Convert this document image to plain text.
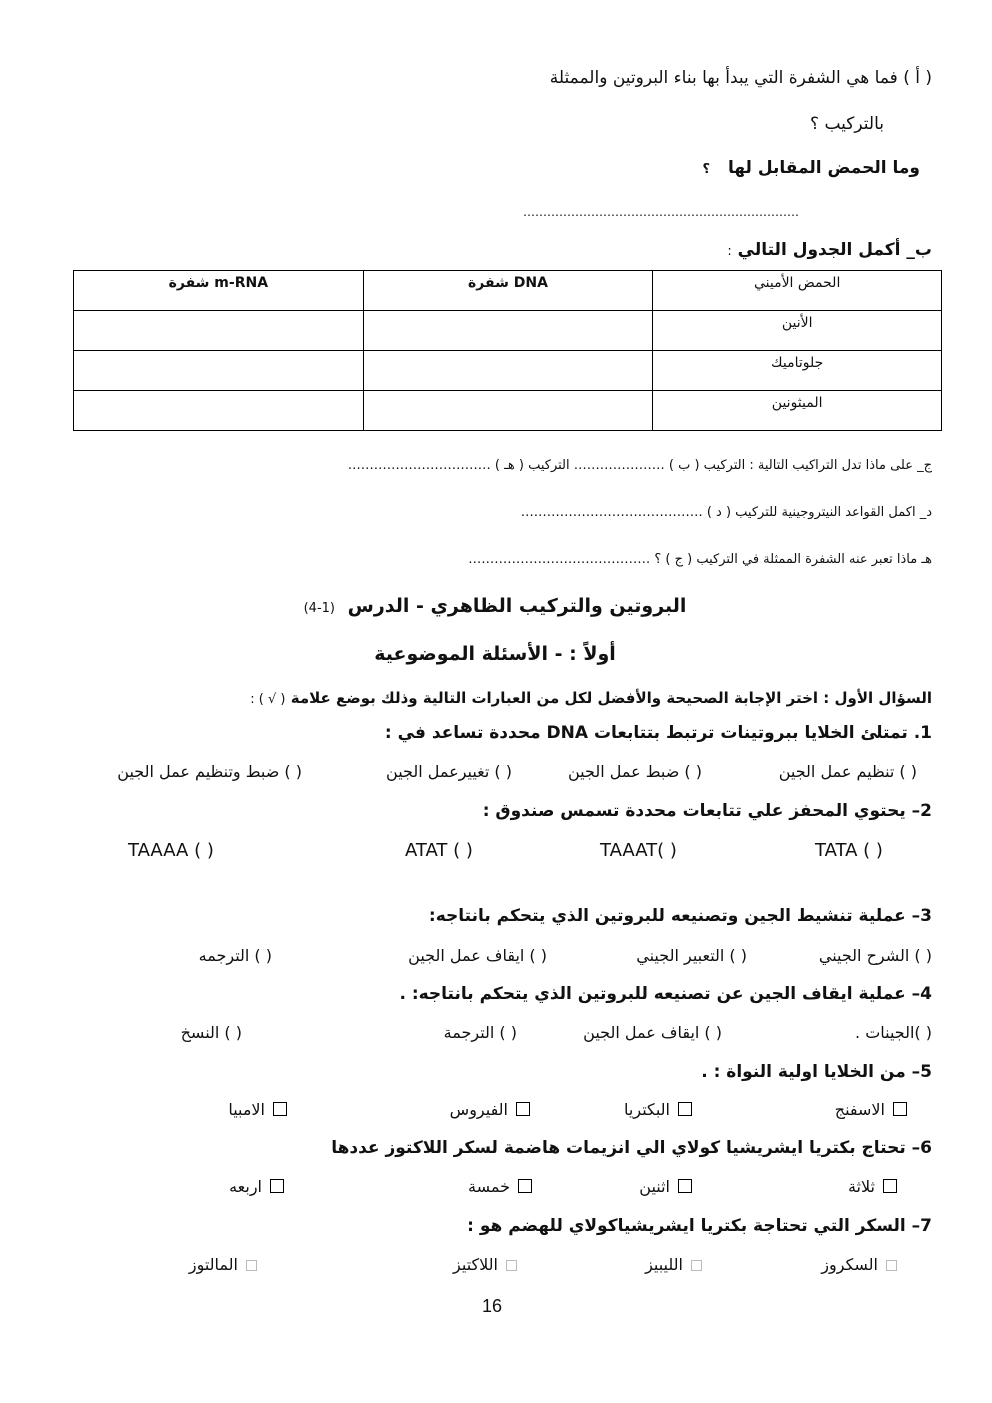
( أ ) فما هي الشفرة التي يبدأ بها بناء البروتين والممثلة
بالتركيب ؟
وما الحمض المقابل لها ؟
……………………………………………………………
ب_ أكمل الجدول التالي :
شفرة m-RNA	شفرة DNA	الحمض الأميني
		الأنين
		جلوتاميك
		الميثونين
ج_ على ماذا تدل التراكيب التالية : التركيب ( ب ) ………………… التركيب ( هـ ) ……………………………
د_ اكمل القواعد النيتروجينية للتركيب ( د ) ……………………………………
هـ ماذا تعبر عنه الشفرة الممثلة في التركيب ( ج ) ؟ ……………………………………
البروتين والتركيب الظاهري - الدرس (1-4)
أولاً : - الأسئلة الموضوعية
السؤال الأول : اختر الإجابة الصحيحة والأفضل لكل من العبارات التالية وذلك بوضع علامة ( √ ) :
1. تمتلئ الخلايا ببروتينات ترتبط بتتابعات DNA محددة تساعد في :
( ) تنظيم عمل الجين
( ) ضبط عمل الجين
( ) تغييرعمل الجين
( ) ضبط وتنظيم عمل الجين
2– يحتوي المحفز علي تتابعات محددة تسمس صندوق :
TATA ( )
TAAAT( )
ATAT ( )
TAAAA ( )
3– عملية تنشيط الجين وتصنيعه للبروتين الذي يتحكم بانتاجه:
( ) الشرح الجيني
( ) التعبير الجيني
( ) ايقاف عمل الجين
( ) الترجمه
4– عملية ايقاف الجين عن تصنيعه للبروتين الذي يتحكم بانتاجه: .
( )الجينات .
( ) ايقاف عمل الجين
( ) الترجمة
( ) النسخ
5– من الخلايا اولية النواة : .
الاسفنج
البكتريا
الفيروس
الامبيا
6– تحتاج بكتريا ايشريشيا كولاي الي انزيمات هاضمة لسكر اللاكتوز عددها
ثلاثة
اثنين
خمسة
اربعه
7– السكر التي تحتاجة بكتريا ايشريشياكولاي للهضم هو :
السكروز
الليبيز
اللاكتيز
المالتوز
16
